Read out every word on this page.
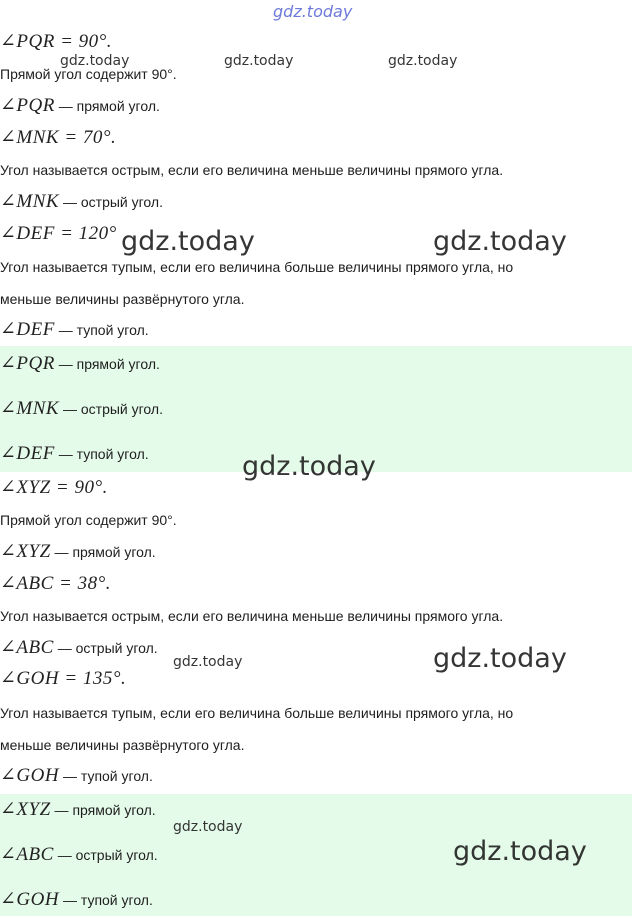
∠PQR = 90°.
Прямой угол содержит 90°.
∠PQR — прямой угол.
∠MNK = 70°.
Угол называется острым, если его величина меньше величины прямого угла.
∠MNK — острый угол.
∠DEF = 120°
Угол называется тупым, если его величина больше величины прямого угла, но
меньше величины развёрнутого угла.
∠DEF — тупой угол.
∠PQR — прямой угол.
∠MNK — острый угол.
∠DEF — тупой угол.
∠XYZ = 90°.
Прямой угол содержит 90°.
∠XYZ — прямой угол.
∠ABC = 38°.
Угол называется острым, если его величина меньше величины прямого угла.
∠ABC — острый угол.
∠GOH = 135°.
Угол называется тупым, если его величина больше величины прямого угла, но
меньше величины развёрнутого угла.
∠GOH — тупой угол.
∠XYZ — прямой угол.
∠ABC — острый угол.
∠GOH — тупой угол.
gdz.today
gdz.today	gdz.today	gdz.today
gdz.today	gdz.today
gdz.today
gdz.today	gdz.today
gdz.today
gdz.today
